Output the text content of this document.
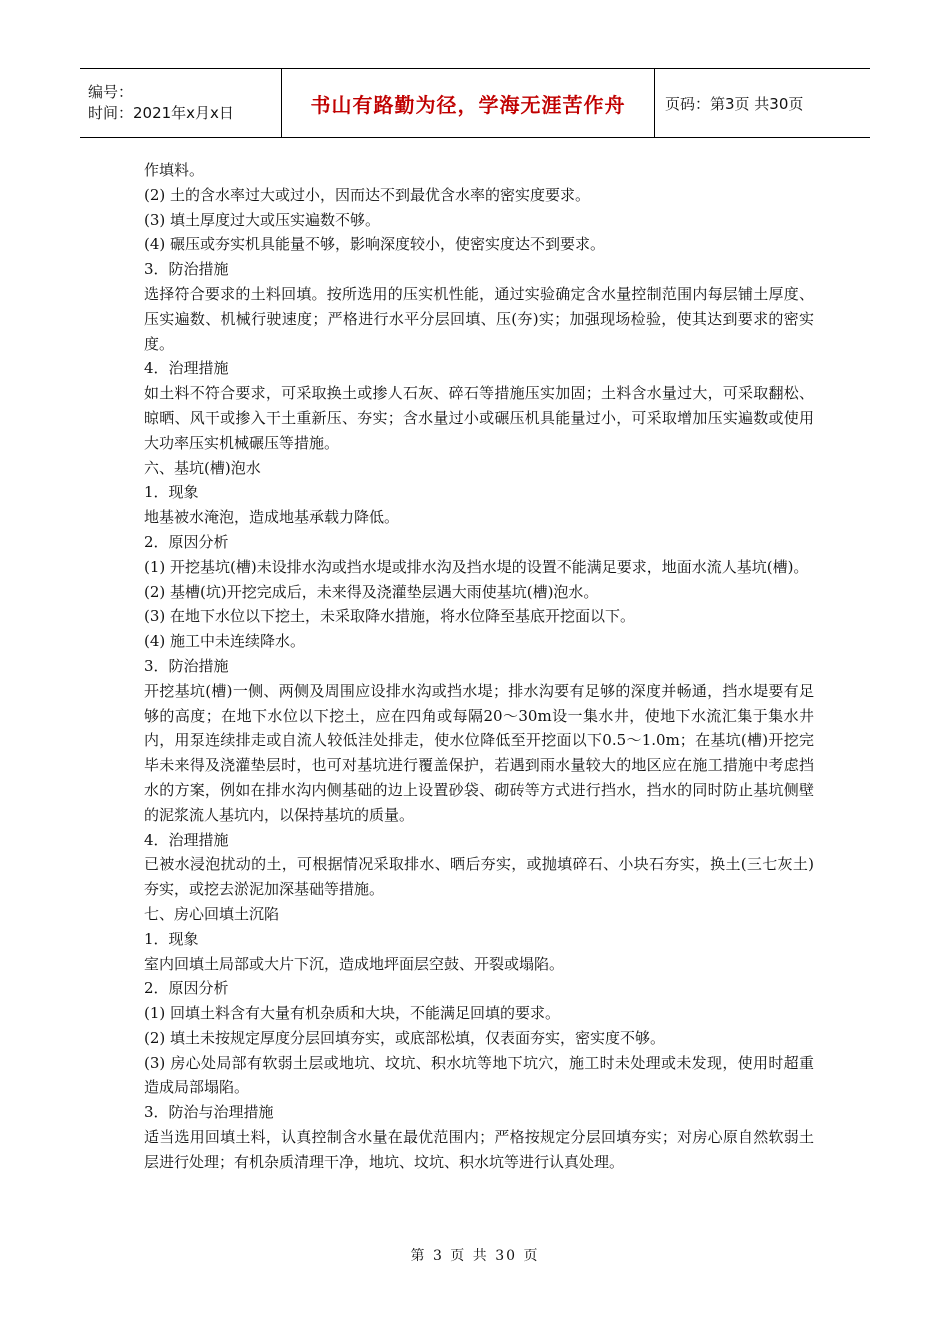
编号：
时间：2021年x月x日	书山有路勤为径，学海无涯苦作舟	页码：第3页 共30页

作填料。

(2) 土的含水率过大或过小，因而达不到最优含水率的密实度要求。

(3) 填土厚度过大或压实遍数不够。

(4) 碾压或夯实机具能量不够，影响深度较小，使密实度达不到要求。

3．防治措施

选择符合要求的土料回填。按所选用的压实机性能，通过实验确定含水量控制范围内每层铺土厚度、压实遍数、机械行驶速度；严格进行水平分层回填、压(夯)实；加强现场检验，使其达到要求的密实度。

4．治理措施

如土料不符合要求，可采取换土或掺人石灰、碎石等措施压实加固；土料含水量过大，可采取翻松、晾晒、风干或掺入干土重新压、夯实；含水量过小或碾压机具能量过小，可采取增加压实遍数或使用大功率压实机械碾压等措施。

六、基坑(槽)泡水

1．现象

地基被水淹泡，造成地基承载力降低。

2．原因分析

(1) 开挖基坑(槽)未设排水沟或挡水堤或排水沟及挡水堤的设置不能满足要求，地面水流人基坑(槽)。

(2) 基槽(坑)开挖完成后，未来得及浇灌垫层遇大雨使基坑(槽)泡水。

(3) 在地下水位以下挖土，未采取降水措施，将水位降至基底开挖面以下。

(4) 施工中未连续降水。

3．防治措施

开挖基坑(槽)一侧、两侧及周围应设排水沟或挡水堤；排水沟要有足够的深度并畅通，挡水堤要有足够的高度；在地下水位以下挖土，应在四角或每隔20～30m设一集水井，使地下水流汇集于集水井内，用泵连续排走或自流人较低洼处排走，使水位降低至开挖面以下0.5～1.0m；在基坑(槽)开挖完毕未来得及浇灌垫层时，也可对基坑进行覆盖保护，若遇到雨水量较大的地区应在施工措施中考虑挡水的方案，例如在排水沟内侧基础的边上设置砂袋、砌砖等方式进行挡水，挡水的同时防止基坑侧壁的泥浆流人基坑内，以保持基坑的质量。

4．治理措施

已被水浸泡扰动的土，可根据情况采取排水、晒后夯实，或抛填碎石、小块石夯实，换土(三七灰土)夯实，或挖去淤泥加深基础等措施。

七、房心回填土沉陷

1．现象

室内回填土局部或大片下沉，造成地坪面层空鼓、开裂或塌陷。

2．原因分析

(1) 回填土料含有大量有机杂质和大块，不能满足回填的要求。

(2) 填土未按规定厚度分层回填夯实，或底部松填，仅表面夯实，密实度不够。

(3) 房心处局部有软弱土层或地坑、坟坑、积水坑等地下坑穴，施工时未处理或未发现，使用时超重造成局部塌陷。

3．防治与治理措施

适当选用回填土料，认真控制含水量在最优范围内；严格按规定分层回填夯实；对房心原自然软弱土层进行处理；有机杂质清理干净，地坑、坟坑、积水坑等进行认真处理。

第 3 页 共 30 页
